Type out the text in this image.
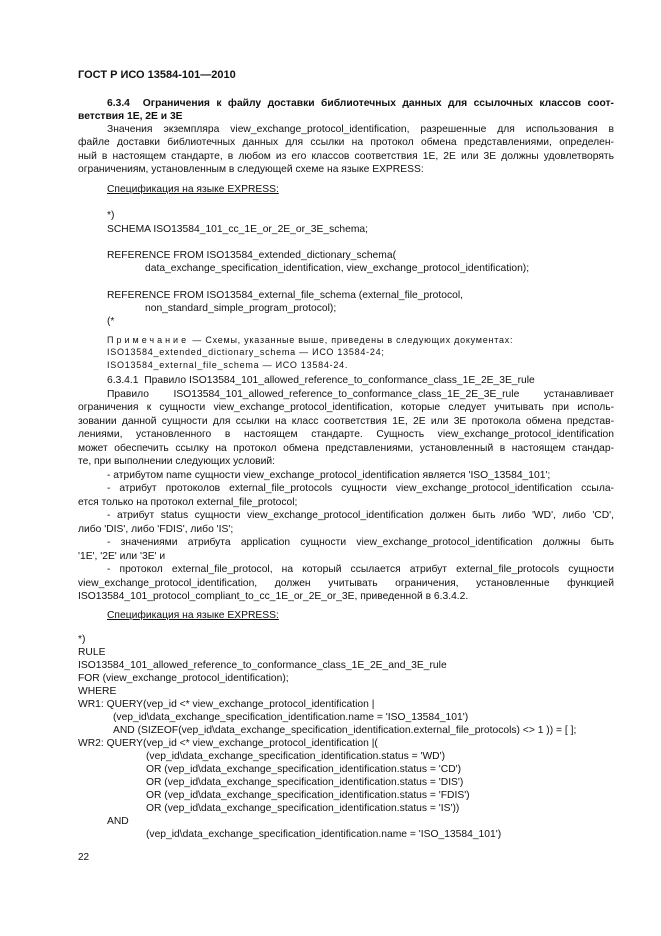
ГОСТ Р ИСО 13584-101—2010
6.3.4  Ограничения к файлу доставки библиотечных данных для ссылочных классов соот-
ветствия 1E, 2E и 3E
Значения экземпляра view_exchange_protocol_identification, разрешенные для использования в
файле доставки библиотечных данных для ссылки на протокол обмена представлениями, определен-
ный в настоящем стандарте, в любом из его классов соответствия 1E, 2E или 3E должны удовлетворять
ограничениям, установленным в следующей схеме на языке EXPRESS:
Спецификация на языке EXPRESS:
*)
SCHEMA ISO13584_101_cc_1E_or_2E_or_3E_schema;
REFERENCE FROM ISO13584_extended_dictionary_schema(
data_exchange_specification_identification, view_exchange_protocol_identification);
REFERENCE FROM ISO13584_external_file_schema (external_file_protocol,
non_standard_simple_program_protocol);
(*
Примечание — Схемы, указанные выше, приведены в следующих документах:
ISO13584_extended_dictionary_schema — ИСО 13584-24;
ISO13584_external_file_schema — ИСО 13584-24.
6.3.4.1  Правило ISO13584_101_allowed_reference_to_conformance_class_1E_2E_3E_rule
Правило ISO13584_101_allowed_reference_to_conformance_class_1E_2E_3E_rule устанавливает
ограничения к сущности view_exchange_protocol_identification, которые следует учитывать при исполь-
зовании данной сущности для ссылки на класс соответствия 1E, 2E или 3E протокола обмена представ-
лениями, установленного в настоящем стандарте. Сущность view_exchange_protocol_identification
может обеспечить ссылку на протокол обмена представлениями, установленный в настоящем стандар-
те, при выполнении следующих условий:
- атрибутом name сущности view_exchange_protocol_identification является 'ISO_13584_101';
- атрибут протоколов external_file_protocols сущности view_exchange_protocol_identification ссыла-
ется только на протокол external_file_protocol;
- атрибут status сущности view_exchange_protocol_identification должен быть либо 'WD', либо 'CD',
либо 'DIS', либо 'FDIS', либо 'IS';
- значениями атрибута application сущности view_exchange_protocol_identification должны быть
'1E', '2E' или '3E' и
- протокол external_file_protocol, на который ссылается атрибут external_file_protocols сущности
view_exchange_protocol_identification, должен учитывать ограничения, установленные функцией
ISO13584_101_protocol_compliant_to_cc_1E_or_2E_or_3E, приведенной в 6.3.4.2.
Спецификация на языке EXPRESS:
*)
RULE
ISO13584_101_allowed_reference_to_conformance_class_1E_2E_and_3E_rule
FOR (view_exchange_protocol_identification);
WHERE
WR1: QUERY(vep_id <* view_exchange_protocol_identification |
(vep_id\data_exchange_specification_identification.name = 'ISO_13584_101')
AND (SIZEOF(vep_id\data_exchange_specification_identification.external_file_protocols) <> 1 )) = [ ];
WR2: QUERY(vep_id <* view_exchange_protocol_identification |(
(vep_id\data_exchange_specification_identification.status = 'WD')
OR (vep_id\data_exchange_specification_identification.status = 'CD')
OR (vep_id\data_exchange_specification_identification.status = 'DIS')
OR (vep_id\data_exchange_specification_identification.status = 'FDIS')
OR (vep_id\data_exchange_specification_identification.status = 'IS'))
AND
(vep_id\data_exchange_specification_identification.name = 'ISO_13584_101')
22
